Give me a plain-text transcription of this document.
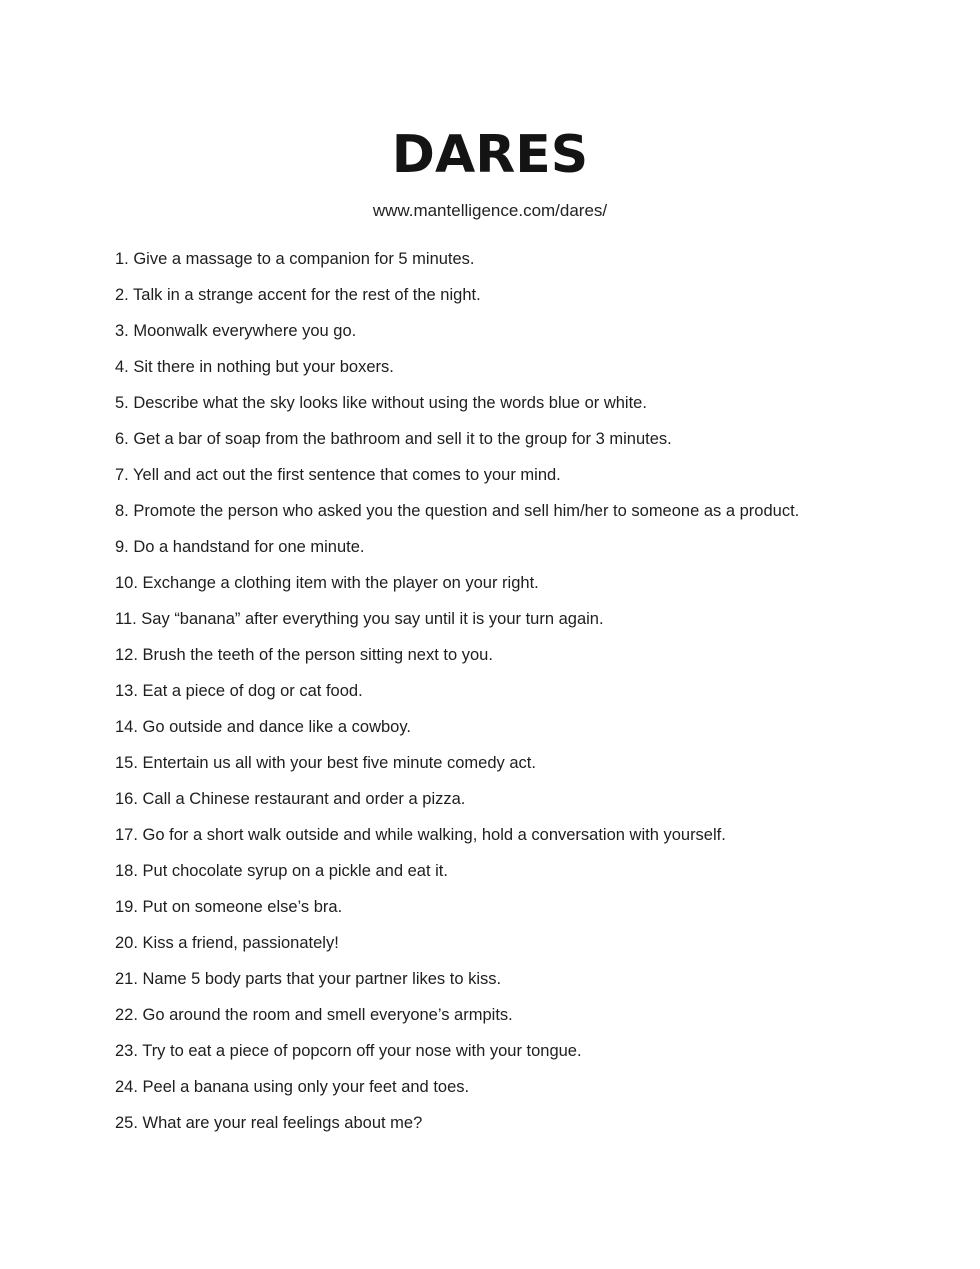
DARES
www.mantelligence.com/dares/
1. Give a massage to a companion for 5 minutes.
2. Talk in a strange accent for the rest of the night.
3. Moonwalk everywhere you go.
4. Sit there in nothing but your boxers.
5. Describe what the sky looks like without using the words blue or white.
6. Get a bar of soap from the bathroom and sell it to the group for 3 minutes.
7. Yell and act out the first sentence that comes to your mind.
8. Promote the person who asked you the question and sell him/her to someone as a product.
9. Do a handstand for one minute.
10. Exchange a clothing item with the player on your right.
11. Say “banana” after everything you say until it is your turn again.
12. Brush the teeth of the person sitting next to you.
13. Eat a piece of dog or cat food.
14. Go outside and dance like a cowboy.
15. Entertain us all with your best five minute comedy act.
16. Call a Chinese restaurant and order a pizza.
17. Go for a short walk outside and while walking, hold a conversation with yourself.
18. Put chocolate syrup on a pickle and eat it.
19. Put on someone else’s bra.
20. Kiss a friend, passionately!
21. Name 5 body parts that your partner likes to kiss.
22. Go around the room and smell everyone’s armpits.
23. Try to eat a piece of popcorn off your nose with your tongue.
24. Peel a banana using only your feet and toes.
25. What are your real feelings about me?
